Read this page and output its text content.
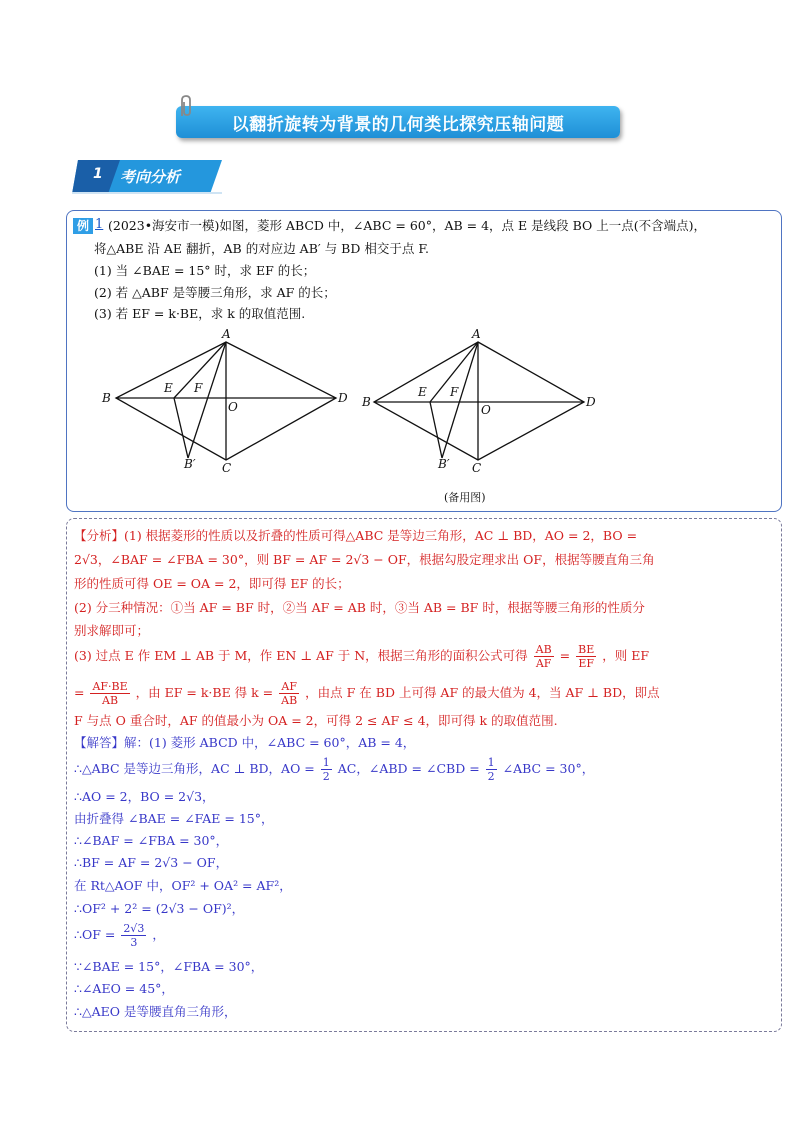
以翻折旋转为背景的几何类比探究压轴问题
1 考向分析
例 1 (2023•海安市一模)如图，菱形 ABCD 中，∠ABC = 60°，AB = 4，点 E 是线段 BO 上一点(不含端点)，
将△ABE 沿 AE 翻折，AB 的对应边 AB′ 与 BD 相交于点 F.
(1) 当 ∠BAE = 15° 时，求 EF 的长；
(2) 若 △ABF 是等腰三角形，求 AF 的长；
(3) 若 EF = k·BE，求 k 的取值范围.
A
B
C
D
E F
O
B′
A
B
C
D
E F
O
B′
(备用图)
【分析】(1) 根据菱形的性质以及折叠的性质可得△ABC 是等边三角形，AC ⊥ BD，AO = 2，BO =
2√3，∠BAF = ∠FBA = 30°，则 BF = AF = 2√3 − OF，根据勾股定理求出 OF，根据等腰直角三角
形的性质可得 OE = OA = 2，即可得 EF 的长；
(2) 分三种情况：①当 AF = BF 时，②当 AF = AB 时，③当 AB = BF 时，根据等腰三角形的性质分
别求解即可；
(3) 过点 E 作 EM ⊥ AB 于 M，作 EN ⊥ AF 于 N，根据三角形的面积公式可得 $\frac{AB}{AF} = \frac{BE}{EF}$ ，则 EF
= $\frac{AF\cdot BE}{AB}$ ，由 EF = k·BE 得 $k = \frac{AF}{AB}$ ，由点 F 在 BD 上可得 AF 的最大值为 4，当 AF ⊥ BD，即点
F 与点 O 重合时，AF 的值最小为 OA = 2，可得 2 ≤ AF ≤ 4，即可得 k 的取值范围.
【解答】解：(1) 菱形 ABCD 中，∠ABC = 60°，AB = 4，
∴△ABC 是等边三角形，AC ⊥ BD，AO = $\frac{1}{2}$ AC，∠ABD = ∠CBD = $\frac{1}{2}$ ∠ABC = 30°，
∴AO = 2，BO = 2√3，
由折叠得 ∠BAE = ∠FAE = 15°，
∴∠BAF = ∠FBA = 30°，
∴BF = AF = 2√3 − OF，
在 Rt△AOF 中，OF² + OA² = AF²，
∴OF² + 2² = (2√3 − OF)²，
∴OF = $\frac{2√3}{3}$ ，
∵∠BAE = 15°，∠FBA = 30°，
∴∠AEO = 45°，
∴△AEO 是等腰直角三角形，
